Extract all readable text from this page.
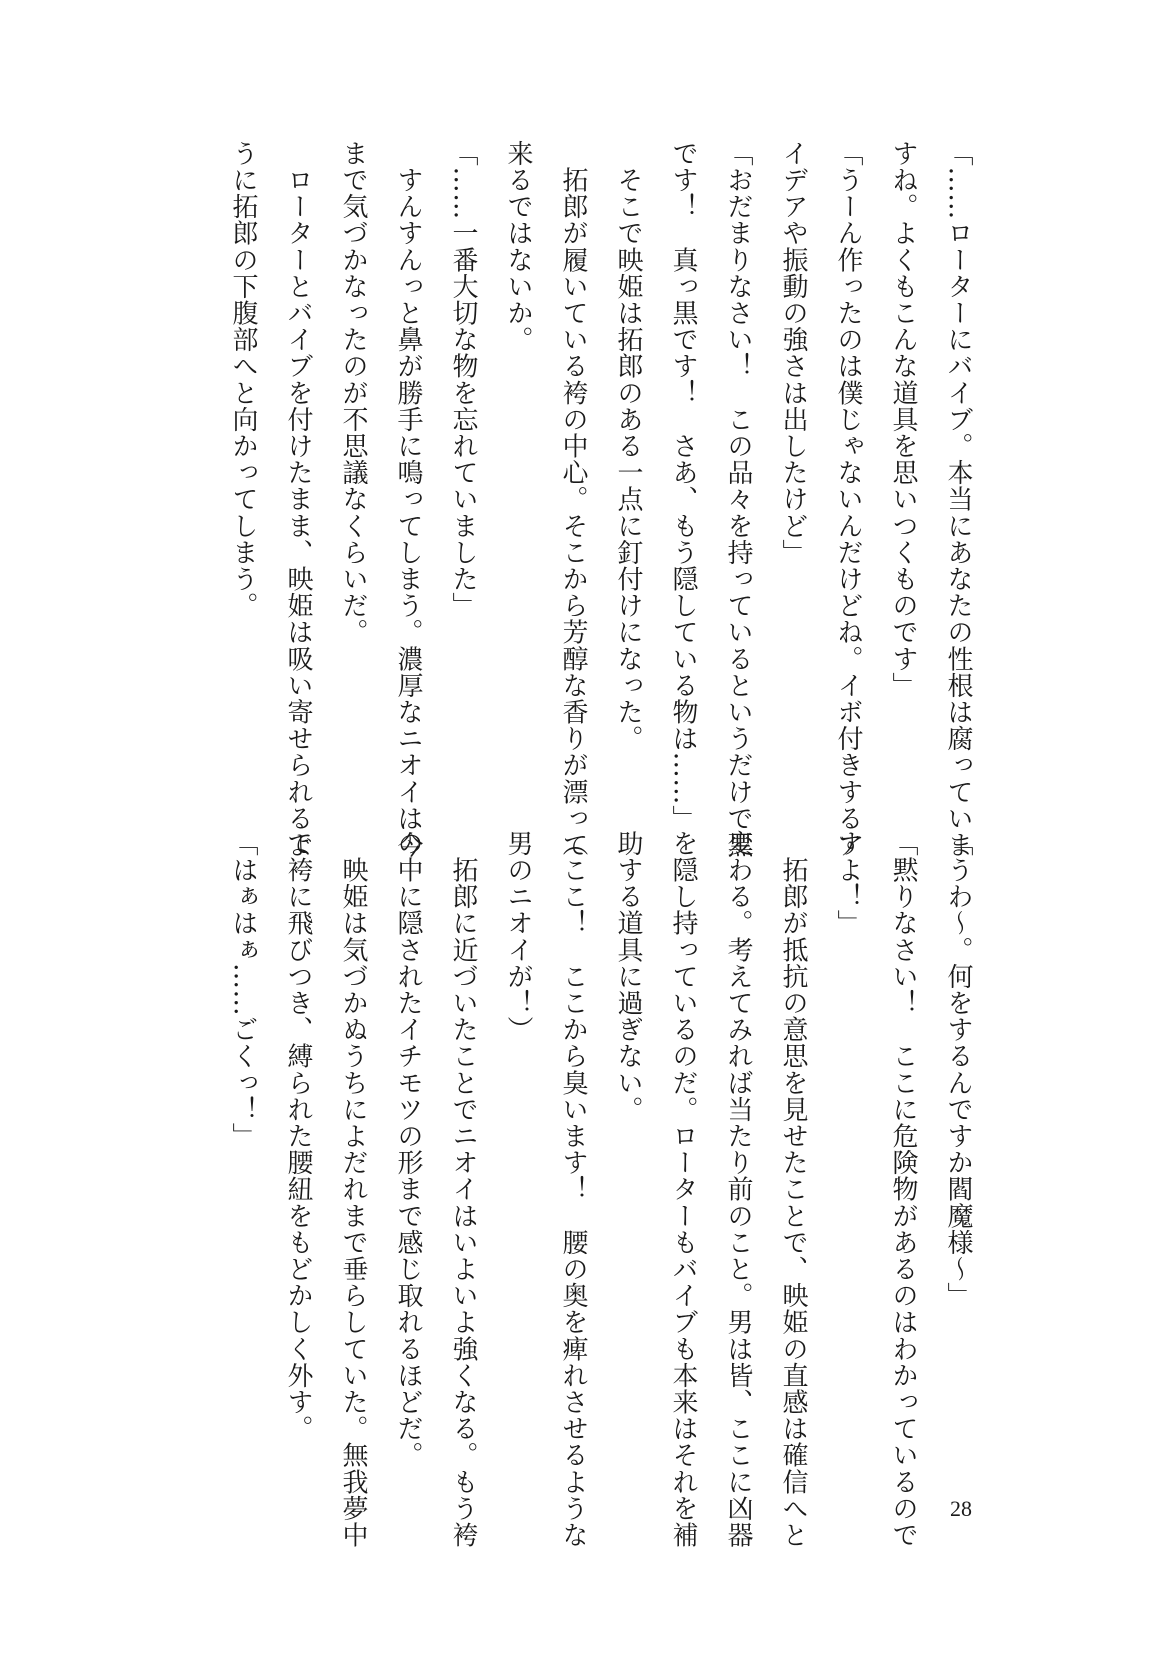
「……ローターにバイブ。本当にあなたの性根は腐っていま
すね。よくもこんな道具を思いつくものです」
「うーん作ったのは僕じゃないんだけどね。イボ付きするア
イデアや振動の強さは出したけど」
「おだまりなさい！　この品々を持っているというだけで黒
です！　真っ黒です！　さあ、もう隠している物は……」
　そこで映姫は拓郎のある一点に釘付けになった。
　拓郎が履いている袴の中心。そこから芳醇な香りが漂って
来るではないか。
「……一番大切な物を忘れていました」
　すんすんっと鼻が勝手に鳴ってしまう。濃厚なニオイは今
まで気づかなったのが不思議なくらいだ。
　ローターとバイブを付けたまま、映姫は吸い寄せられるよ
うに拓郎の下腹部へと向かってしまう。
「うわ～。何をするんですか閻魔様～」
「黙りなさい！　ここに危険物があるのはわかっているので
すよ！」
　拓郎が抵抗の意思を見せたことで、映姫の直感は確信へと
変わる。考えてみれば当たり前のこと。男は皆、ここに凶器
を隠し持っているのだ。ローターもバイブも本来はそれを補
助する道具に過ぎない。
（ここ！　ここから臭います！　腰の奥を痺れさせるような
男のニオイが！）
　拓郎に近づいたことでニオイはいよいよ強くなる。もう袴
の中に隠されたイチモツの形まで感じ取れるほどだ。
　映姫は気づかぬうちによだれまで垂らしていた。無我夢中
で袴に飛びつき、縛られた腰紐をもどかしく外す。
「はぁはぁ……ごくっ！」
28
